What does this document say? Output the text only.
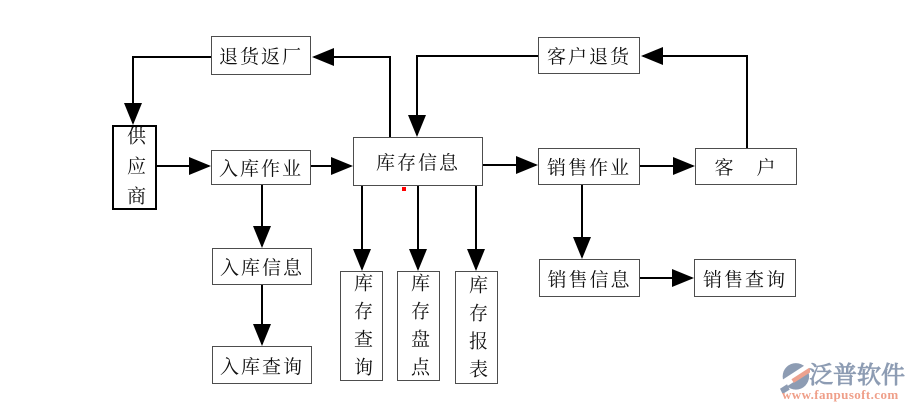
退货返厂	客户退货
供应商	入库作业	库存信息	销售作业	客　户
入库信息
入库查询	库存查询	库存盘点	库存报表	销售信息	销售查询
泛普软件
www.fanpusoft.com
